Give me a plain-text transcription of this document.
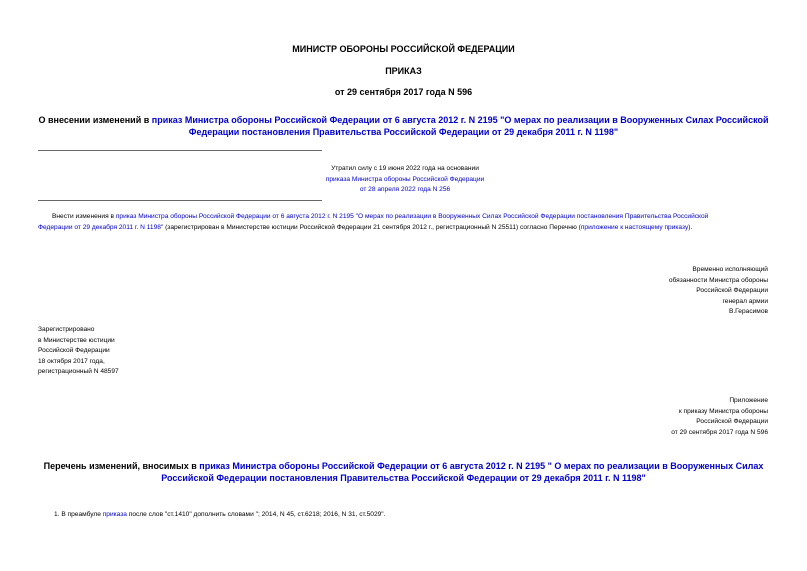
МИНИСТР ОБОРОНЫ РОССИЙСКОЙ ФЕДЕРАЦИИ
ПРИКАЗ
от 29 сентября 2017 года N 596
О внесении изменений в приказ Министра обороны Российской Федерации от 6 августа 2012 г. N 2195 "О мерах по реализации в Вооруженных Силах Российской
Федерации постановления Правительства Российской Федерации от 29 декабря 2011 г. N 1198"
Утратил силу с 19 июня 2022 года на основании
приказа Министра обороны Российской Федерации
от 28 апреля 2022 года N 256
Внести изменения в приказ Министра обороны Российской Федерации от 6 августа 2012 г. N 2195 "О мерах по реализации в Вооруженных Силах Российской Федерации постановления Правительства Российской
Федерации от 29 декабря 2011 г. N 1198" (зарегистрирован в Министерстве юстиции Российской Федерации 21 сентября 2012 г., регистрационный N 25511) согласно Перечню (приложение к настоящему приказу).
Временно исполняющий
обязанности Министра обороны
Российской Федерации
генерал армии
В.Герасимов
Зарегистрировано
в Министерстве юстиции
Российской Федерации
18 октября 2017 года,
регистрационный N 48597
Приложение
к приказу Министра обороны
Российской Федерации
от 29 сентября 2017 года N 596
Перечень изменений, вносимых в приказ Министра обороны Российской Федерации от 6 августа 2012 г. N 2195 " О мерах по реализации в Вооруженных Силах
Российской Федерации постановления Правительства Российской Федерации от 29 декабря 2011 г. N 1198"
1. В преамбуле приказа после слов "ст.1410" дополнить словами "; 2014, N 45, ст.6218; 2016, N 31, ст.5029".
